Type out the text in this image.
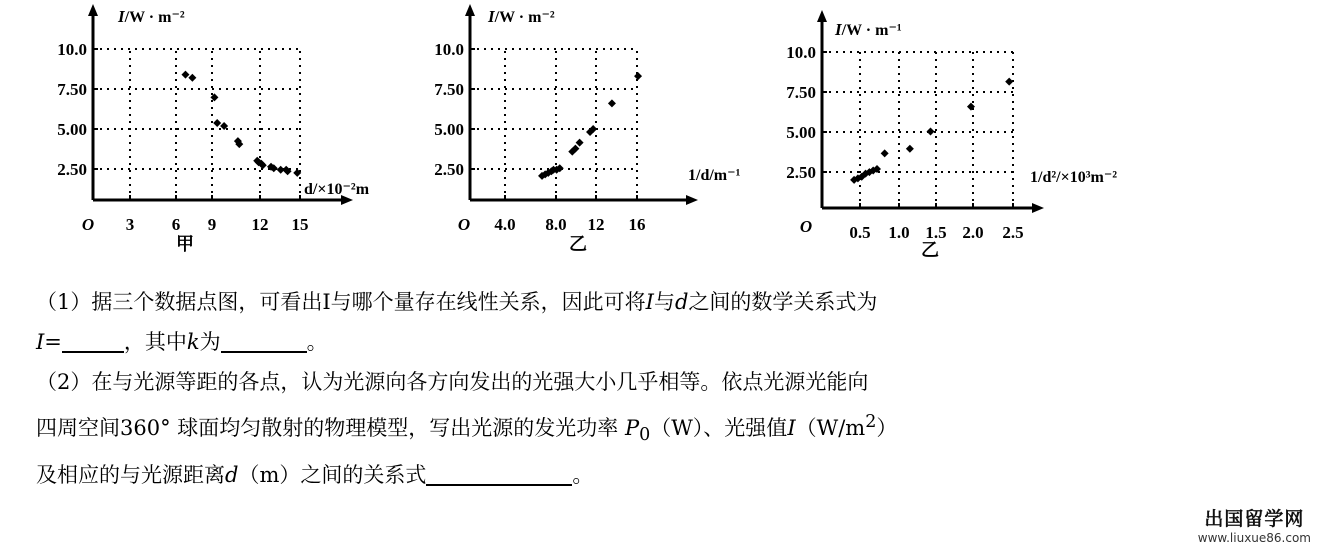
3 6 9 12 15
2.50
5.00
7.50
10.0
O
I/W · m⁻²
d/×10⁻²m
甲
4.0 8.0 12 16
2.50
5.00
7.50
10.0
O
I/W · m⁻²
1/d/m⁻¹
乙
0.5 1.0 1.5 2.0 2.5
2.50
5.00
7.50
10.0
O
I/W · m⁻¹
1/d²/×10³m⁻²
乙

（1）据三个数据点图，可看出I与哪个量存在线性关系，因此可将I与d之间的数学关系式为

I=	，其中k为	。

（2）在与光源等距的各点，认为光源向各方向发出的光强大小几乎相等。依点光源光能向

四周空间360° 球面均匀散射的物理模型，写出光源的发光功率 $P_0(W)$、光强值$I(W/m^2)$

及相应的与光源距离d（m）之间的关系式	。

出国留学网
www.liuxue86.com
